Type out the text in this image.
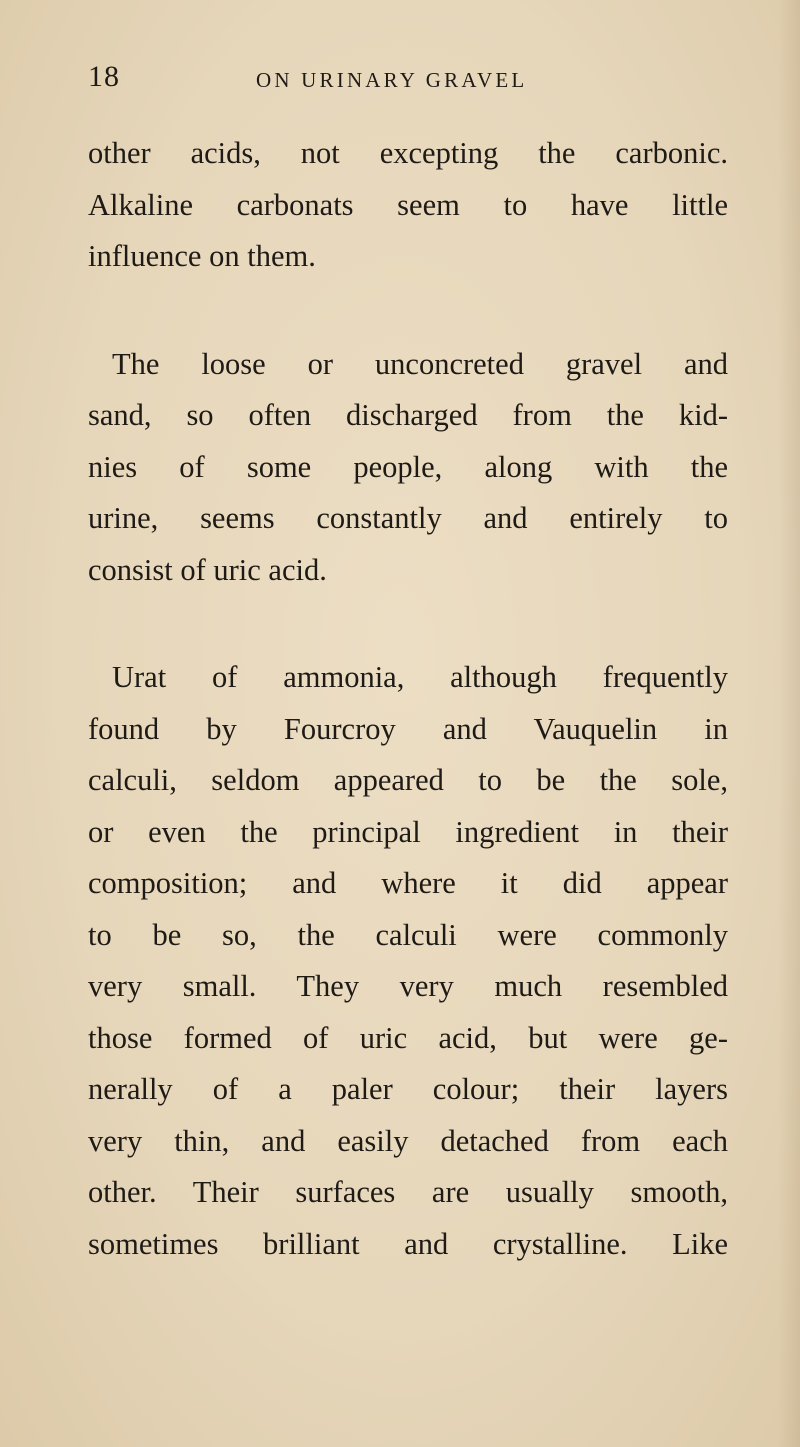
18	ON URINARY GRAVEL

other acids, not excepting the carbonic.
Alkaline carbonats seem to have little
influence on them.

The loose or unconcreted gravel and
sand, so often discharged from the kid-
nies of some people, along with the
urine, seems constantly and entirely to
consist of uric acid.

Urat of ammonia, although frequently
found by Fourcroy and Vauquelin in
calculi, seldom appeared to be the sole,
or even the principal ingredient in their
composition; and where it did appear
to be so, the calculi were commonly
very small. They very much resembled
those formed of uric acid, but were ge-
nerally of a paler colour; their layers
very thin, and easily detached from each
other. Their surfaces are usually smooth,
sometimes brilliant and crystalline. Like
